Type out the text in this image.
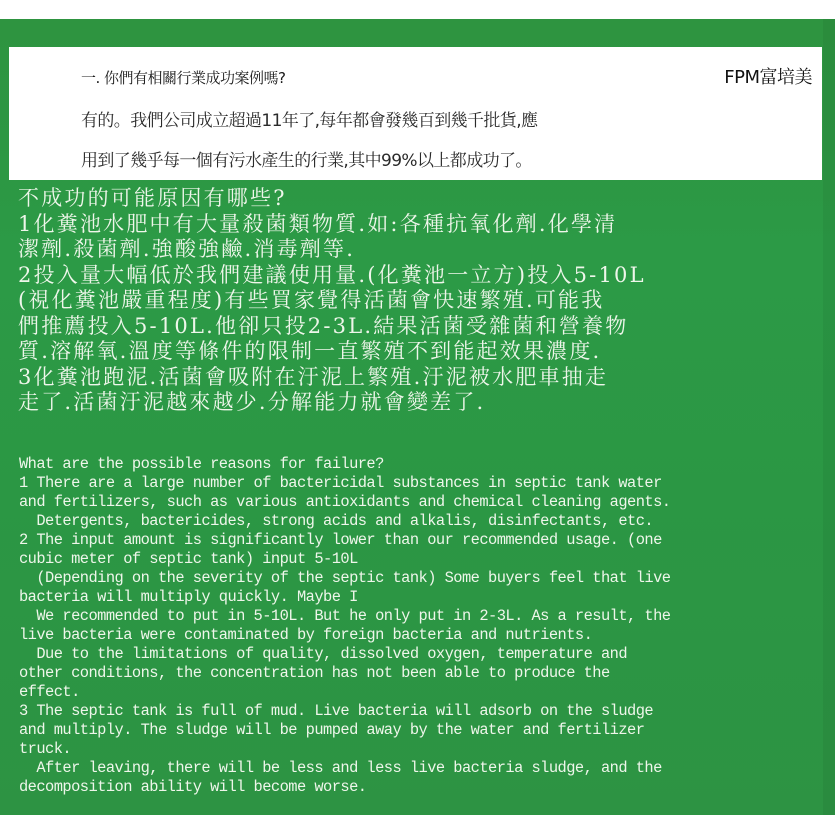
一. 你們有相關行業成功案例嗎?	FPM富培美
有的。我們公司成立超過11年了,每年都會發幾百到幾千批貨,應
用到了幾乎每一個有污水產生的行業,其中99%以上都成功了。
不成功的可能原因有哪些?
1化糞池水肥中有大量殺菌類物質.如:各種抗氧化劑.化學清
潔劑.殺菌劑.強酸強鹼.消毒劑等.
2投入量大幅低於我們建議使用量.(化糞池一立方)投入5-10L
(視化糞池嚴重程度)有些買家覺得活菌會快速繁殖.可能我
們推薦投入5-10L.他卻只投2-3L.結果活菌受雜菌和營養物
質.溶解氧.溫度等條件的限制一直繁殖不到能起效果濃度.
3化糞池跑泥.活菌會吸附在汙泥上繁殖.汙泥被水肥車抽走
走了.活菌汙泥越來越少.分解能力就會變差了.
What are the possible reasons for failure?
1 There are a large number of bactericidal substances in septic tank water
and fertilizers, such as various antioxidants and chemical cleaning agents.
Detergents, bactericides, strong acids and alkalis, disinfectants, etc.
2 The input amount is significantly lower than our recommended usage. (one
cubic meter of septic tank) input 5-10L
(Depending on the severity of the septic tank) Some buyers feel that live
bacteria will multiply quickly. Maybe I
We recommended to put in 5-10L. But he only put in 2-3L. As a result, the
live bacteria were contaminated by foreign bacteria and nutrients.
Due to the limitations of quality, dissolved oxygen, temperature and
other conditions, the concentration has not been able to produce the
effect.
3 The septic tank is full of mud. Live bacteria will adsorb on the sludge
and multiply. The sludge will be pumped away by the water and fertilizer
truck.
After leaving, there will be less and less live bacteria sludge, and the
decomposition ability will become worse.
